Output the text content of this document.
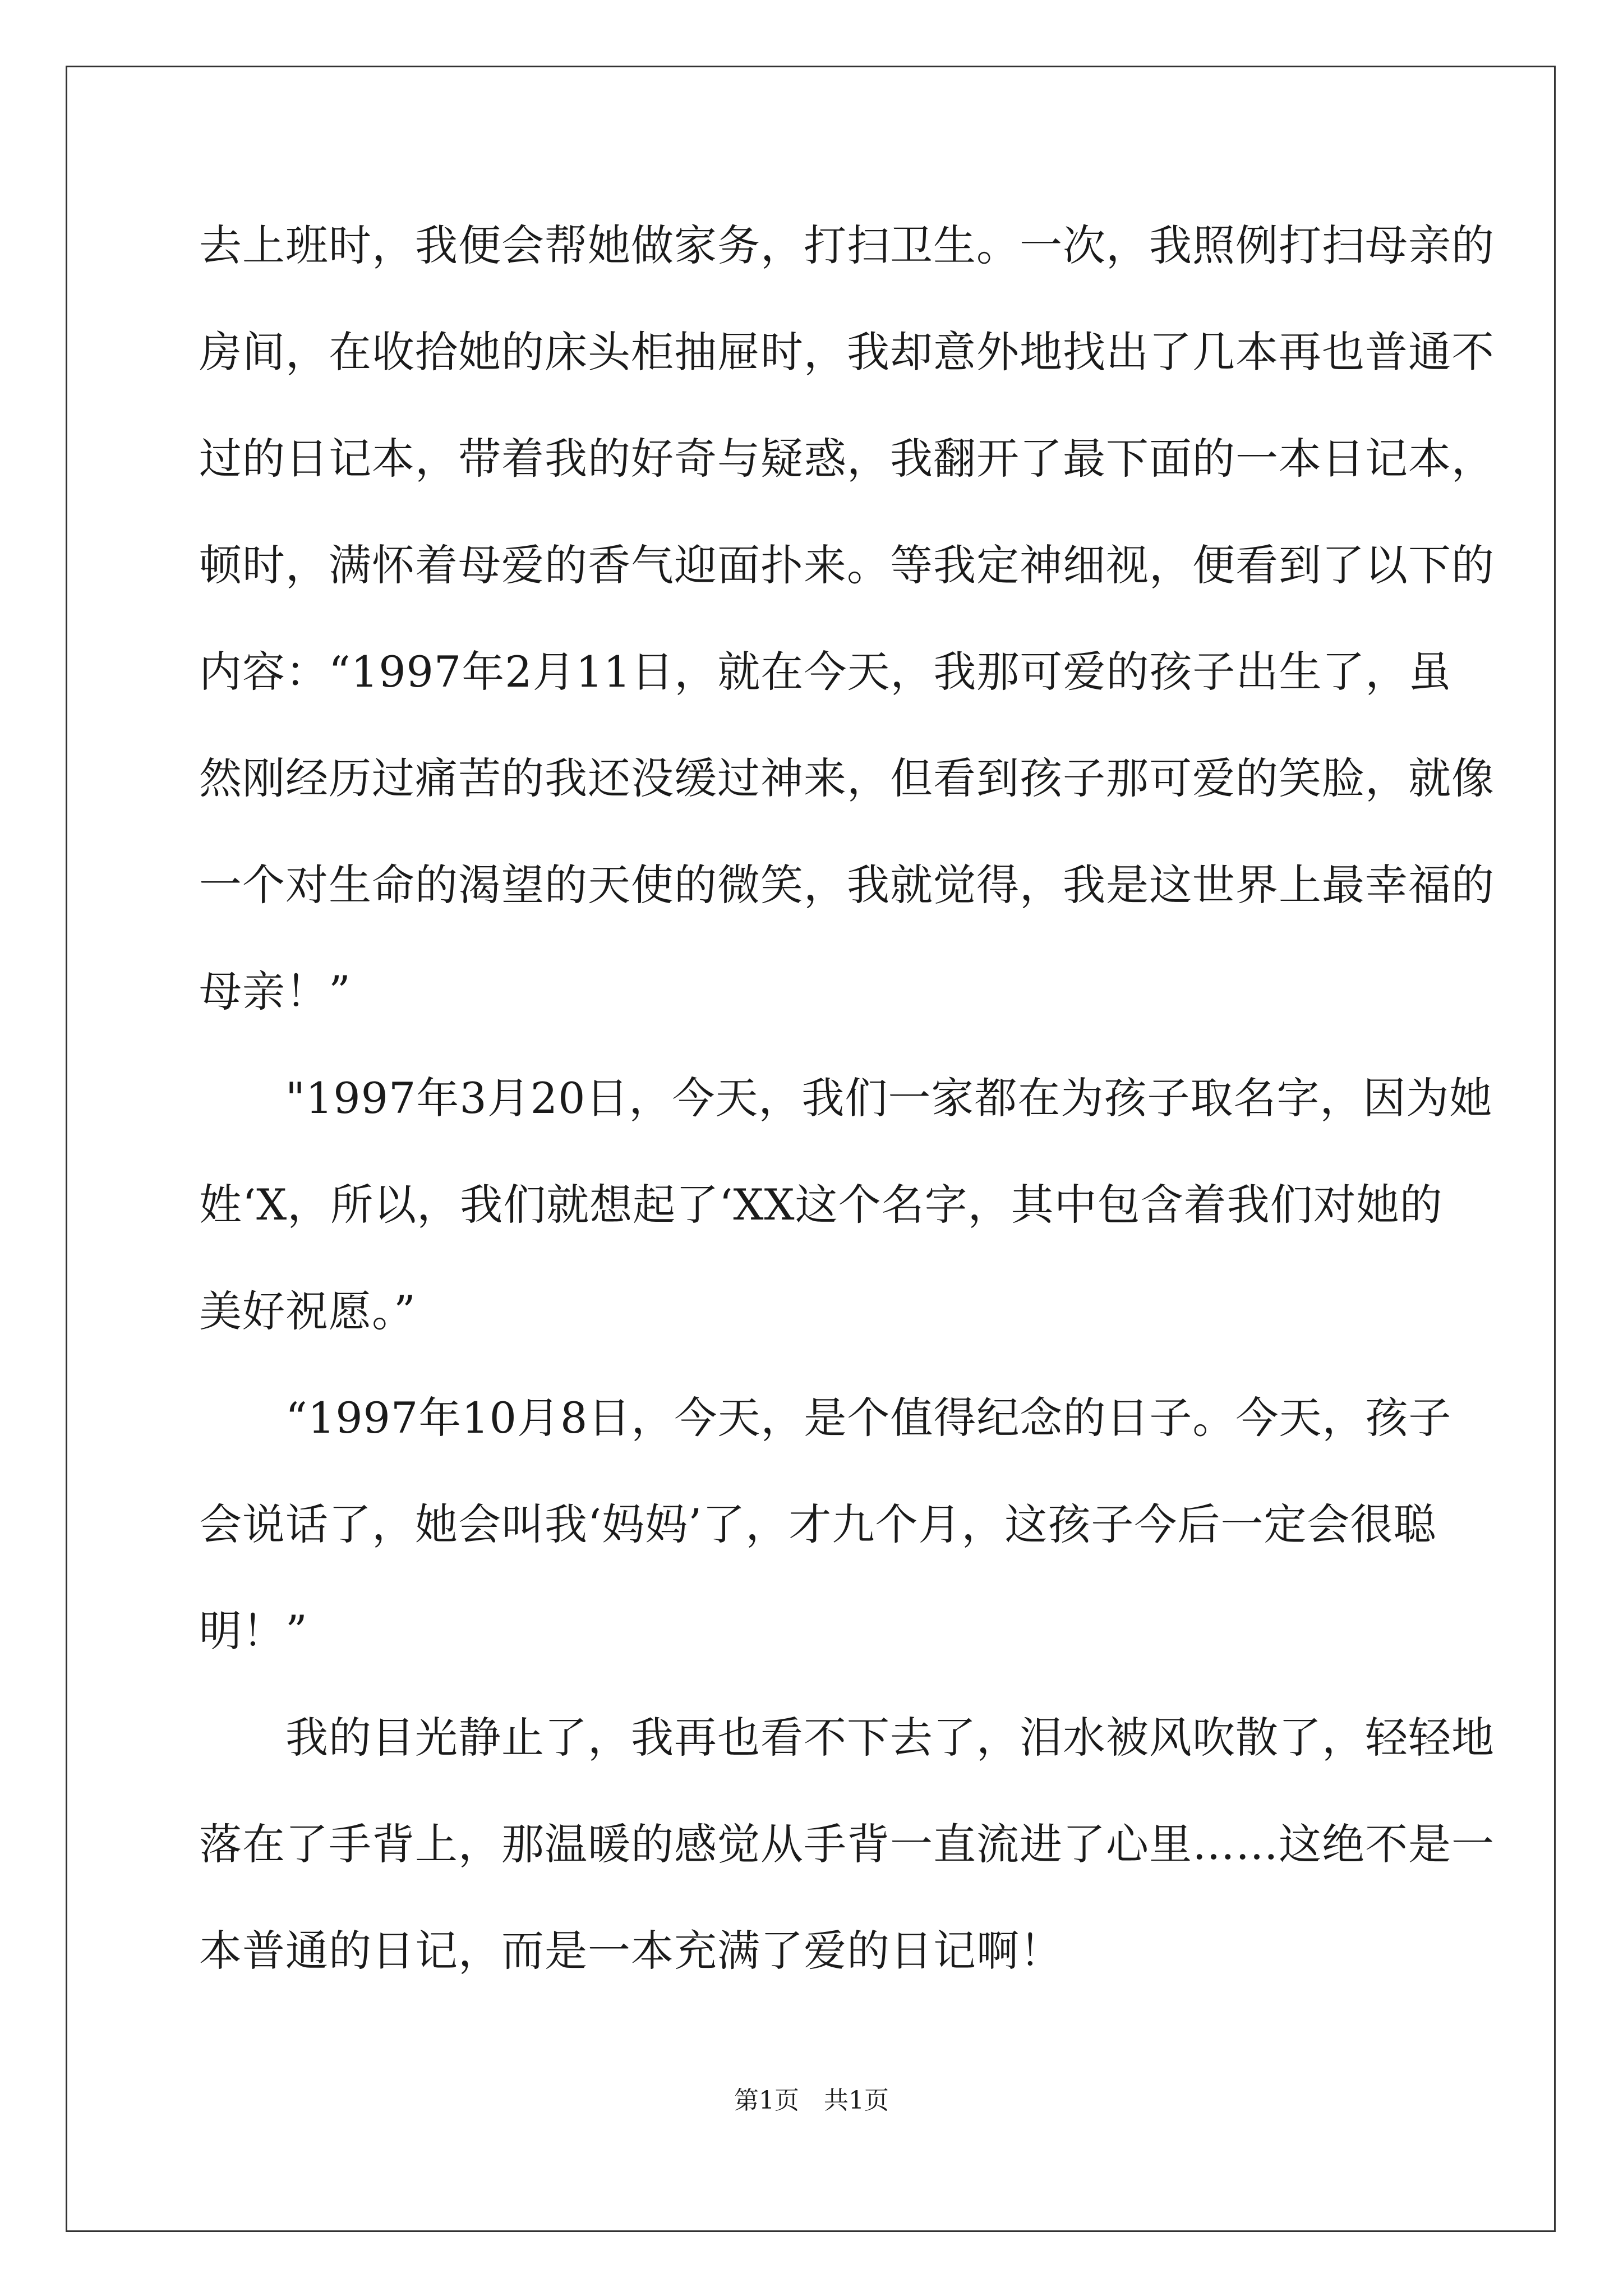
去上班时，我便会帮她做家务，打扫卫生。一次，我照例打扫母亲的
房间，在收拾她的床头柜抽屉时，我却意外地找出了几本再也普通不
过的日记本，带着我的好奇与疑惑，我翻开了最下面的一本日记本，
顿时，满怀着母爱的香气迎面扑来。等我定神细视，便看到了以下的
内容：“1997年2月11日，就在今天，我那可爱的孩子出生了，虽
然刚经历过痛苦的我还没缓过神来，但看到孩子那可爱的笑脸，就像
一个对生命的渴望的天使的微笑，我就觉得，我是这世界上最幸福的
母亲！”
　　"1997年3月20日，今天，我们一家都在为孩子取名字，因为她
姓‘X，所以，我们就想起了‘XX这个名字，其中包含着我们对她的
美好祝愿。”
　　“1997年10月8日，今天，是个值得纪念的日子。今天，孩子
会说话了，她会叫我‘妈妈’了，才九个月，这孩子今后一定会很聪
明！”
　　我的目光静止了，我再也看不下去了，泪水被风吹散了，轻轻地
落在了手背上，那温暖的感觉从手背一直流进了心里……这绝不是一
本普通的日记，而是一本充满了爱的日记啊！
第1页　共1页
